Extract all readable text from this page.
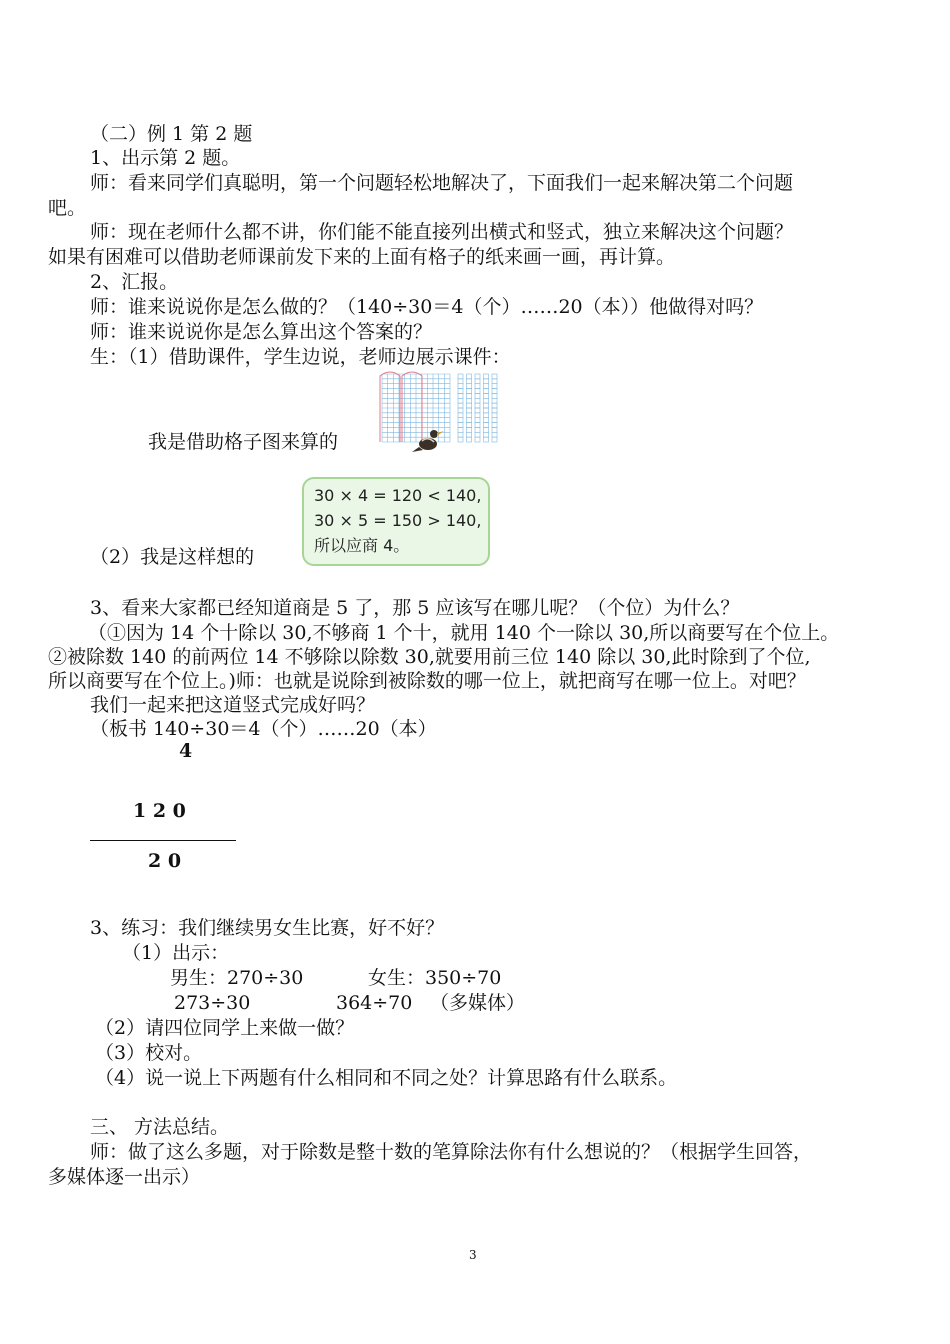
（二）例 1 第 2 题
1、出示第 2 题。
师：看来同学们真聪明，第一个问题轻松地解决了，下面我们一起来解决第二个问题
吧。
师：现在老师什么都不讲，你们能不能直接列出横式和竖式，独立来解决这个问题？
如果有困难可以借助老师课前发下来的上面有格子的纸来画一画，再计算。
2、汇报。
师：谁来说说你是怎么做的？（140÷30＝4（个）……20（本））他做得对吗？
师：谁来说说你是怎么算出这个答案的？
生：（1）借助课件，学生边说，老师边展示课件：
我是借助格子图来算的
30 × 4 = 120 < 140,
30 × 5 = 150 > 140,
所以应商 4。
（2）我是这样想的
3、看来大家都已经知道商是 5 了，那 5 应该写在哪儿呢？（个位）为什么？
（①因为 14 个十除以 30,不够商 1 个十，就用 140 个一除以 30,所以商要写在个位上。
②被除数 140 的前两位 14 不够除以除数 30,就要用前三位 140 除以 30,此时除到了个位,
所以商要写在个位上。)师：也就是说除到被除数的哪一位上，就把商写在哪一位上。对吧？
我们一起来把这道竖式完成好吗？
（板书 140÷30＝4（个）……20（本）
4
1 2 0
2 0
3、练习：我们继续男女生比赛，好不好？
（1）出示：
男生：270÷30	女生：350÷70
273÷30	364÷70 （多媒体）
（2）请四位同学上来做一做？
（3）校对。
（4）说一说上下两题有什么相同和不同之处？计算思路有什么联系。
三、 方法总结。
师：做了这么多题，对于除数是整十数的笔算除法你有什么想说的？（根据学生回答，
多媒体逐一出示）
3
